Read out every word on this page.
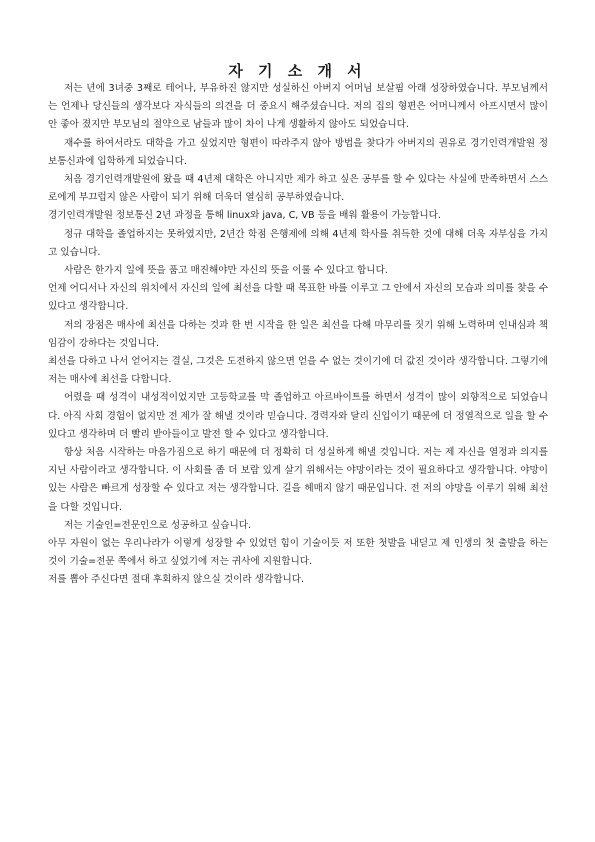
자 기 소 개 서

저는 년에 3녀중 3째로 테어나, 부유하진 않지만 성실하신 아버지 어머님 보살핌 아래 성장하였습니다. 부모님께서는 언제나 당신들의 생각보다 자식들의 의견을 더 중요시 해주셨습니다. 저의 집의 형편은 어머니께서 아프시면서 많이 안 좋아 졌지만 부모님의 절약으로 남들과 많이 차이 나게 생활하지 않아도 되었습니다.

재수를 하여서라도 대학을 가고 싶었지만 형편이 따라주지 않아 방법을 찾다가 아버지의 권유로 경기인력개발원 정보통신과에 입학하게 되었습니다.

처음 경기인력개발원에 왔을 때 4년제 대학은 아니지만 제가 하고 싶은 공부를 할 수 있다는 사실에 만족하면서 스스로에게 부끄럽지 않은 사람이 되기 위해 더욱더 열심히 공부하였습니다.

경기인력개발원 정보통신 2년 과정을 통해 linux와 java, C, VB 등을 배워 활용이 가능합니다.

정규 대학을 졸업하지는 못하였지만, 2년간 학점 은행제에 의해 4년제 학사를 취득한 것에 대해 더욱 자부심을 가지고 있습니다.

사람은 한가지 일에 뜻을 품고 매진해야만 자신의 뜻을 이룰 수 있다고 합니다.

언제 어디서나 자신의 위치에서 자신의 일에 최선을 다할 때 목표한 바를 이루고 그 안에서 자신의 모습과 의미를 찾을 수 있다고 생각합니다.

저의 장점은 매사에 최선을 다하는 것과 한 번 시작을 한 일은 최선을 다해 마무리를 짓기 위해 노력하며 인내심과 책임감이 강하다는 것입니다.

최선을 다하고 나서 얻어지는 결실, 그것은 도전하지 않으면 얻을 수 없는 것이기에 더 값진 것이라 생각합니다. 그렇기에 저는 매사에 최선을 다합니다.

어렸을 때 성격이 내성적이었지만 고등학교를 막 졸업하고 아르바이트를 하면서 성격이 많이 외향적으로 되었습니다. 아직 사회 경험이 없지만 전 제가 잘 해낼 것이라 믿습니다. 경력자와 달리 신입이기 때문에 더 정열적으로 일을 할 수 있다고 생각하며 더 빨리 받아들이고 발전 할 수 있다고 생각합니다.

항상 처음 시작하는 마음가짐으로 하기 때문에 더 정확히 더 성실하게 해낼 것입니다. 저는 제 자신을 열정과 의지를 지닌 사람이라고 생각합니다. 이 사회를 좀 더 보람 있게 살기 위해서는 야망이라는 것이 필요하다고 생각합니다. 야망이 있는 사람은 빠르게 성장할 수 있다고 저는 생각합니다. 길을 헤매지 않기 때문입니다. 전 저의 야망을 이루기 위해 최선을 다할 것입니다.

저는 기술인=전문인으로 성공하고 싶습니다.

아무 자원이 없는 우리나라가 이렇게 성장할 수 있었던 힘이 기술이듯 저 또한 첫발을 내딛고 제 인생의 첫 출발을 하는 것이 기술=전문 쪽에서 하고 싶었기에 저는 귀사에 지원합니다.

저를 뽑아 주신다면 절대 후회하지 않으실 것이라 생각합니다.
